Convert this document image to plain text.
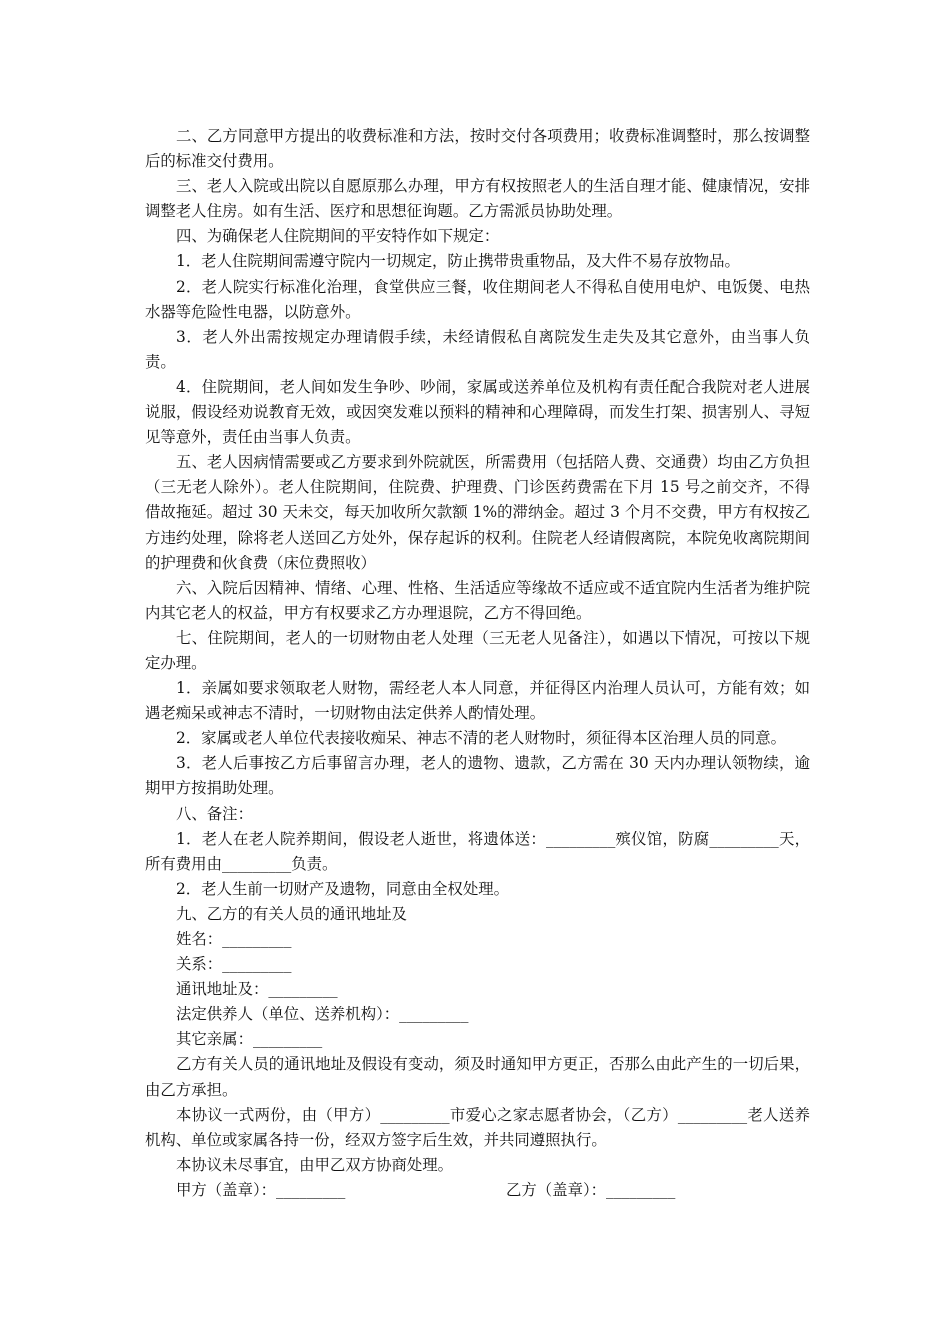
二、乙方同意甲方提出的收费标准和方法，按时交付各项费用；收费标准调整时，那么按调整后的标准交付费用。

三、老人入院或出院以自愿原那么办理，甲方有权按照老人的生活自理才能、健康情况，安排调整老人住房。如有生活、医疗和思想征询题。乙方需派员协助处理。

四、为确保老人住院期间的平安特作如下规定：

1．老人住院期间需遵守院内一切规定，防止携带贵重物品，及大件不易存放物品。

2．老人院实行标准化治理，食堂供应三餐，收住期间老人不得私自使用电炉、电饭煲、电热水器等危险性电器，以防意外。

3．老人外出需按规定办理请假手续，未经请假私自离院发生走失及其它意外，由当事人负责。

4．住院期间，老人间如发生争吵、吵闹，家属或送养单位及机构有责任配合我院对老人进展说服，假设经劝说教育无效，或因突发难以预料的精神和心理障碍，而发生打架、损害别人、寻短见等意外，责任由当事人负责。

五、老人因病情需要或乙方要求到外院就医，所需费用（包括陪人费、交通费）均由乙方负担（三无老人除外）。老人住院期间，住院费、护理费、门诊医药费需在下月 15 号之前交齐，不得借故拖延。超过 30 天未交，每天加收所欠款额 1%的滞纳金。超过 3 个月不交费，甲方有权按乙方违约处理，除将老人送回乙方处外，保存起诉的权利。住院老人经请假离院，本院免收离院期间的护理费和伙食费（床位费照收）

六、入院后因精神、情绪、心理、性格、生活适应等缘故不适应或不适宜院内生活者为维护院内其它老人的权益，甲方有权要求乙方办理退院，乙方不得回绝。

七、住院期间，老人的一切财物由老人处理（三无老人见备注），如遇以下情况，可按以下规定办理。

1．亲属如要求领取老人财物，需经老人本人同意，并征得区内治理人员认可，方能有效；如遇老痴呆或神志不清时，一切财物由法定供养人酌情处理。

2．家属或老人单位代表接收痴呆、神志不清的老人财物时，须征得本区治理人员的同意。

3．老人后事按乙方后事留言办理，老人的遗物、遗款，乙方需在 30 天内办理认领物续，逾期甲方按捐助处理。

八、备注：

1．老人在老人院养期间，假设老人逝世，将遗体送：_________殡仪馆，防腐_________天，所有费用由_________负责。

2．老人生前一切财产及遗物，同意由全权处理。

九、乙方的有关人员的通讯地址及

姓名：_________

关系：_________

通讯地址及：_________

法定供养人（单位、送养机构）：_________

其它亲属：_________

乙方有关人员的通讯地址及假设有变动，须及时通知甲方更正，否那么由此产生的一切后果，由乙方承担。

本协议一式两份，由（甲方）_________市爱心之家志愿者协会，（乙方）_________老人送养机构、单位或家属各持一份，经双方签字后生效，并共同遵照执行。

本协议未尽事宜，由甲乙双方协商处理。

甲方（盖章）：_________	乙方（盖章）：_________
